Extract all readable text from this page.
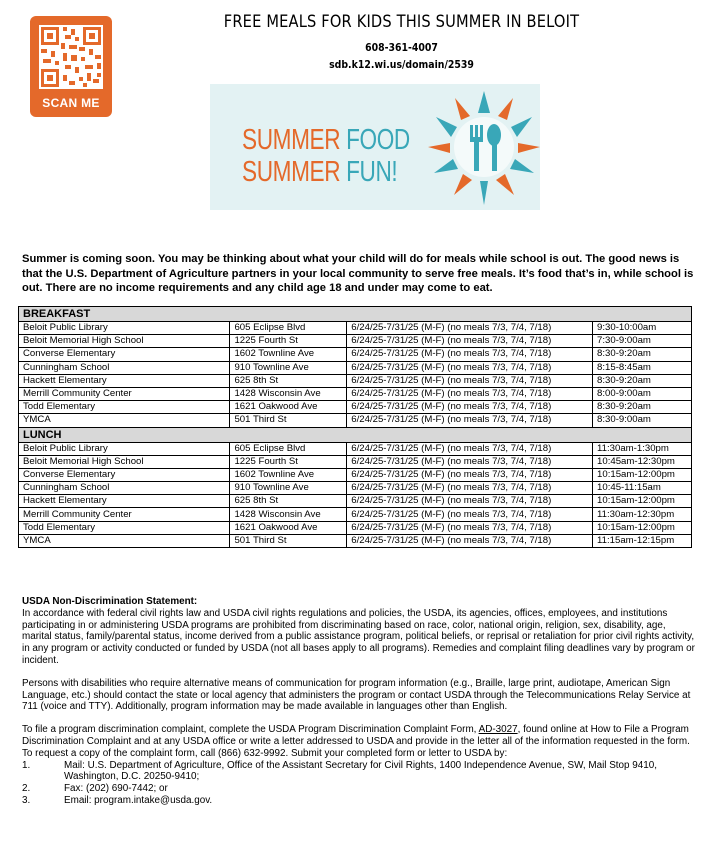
SCAN ME
FREE MEALS FOR KIDS THIS SUMMER IN BELOIT
608-361-4007
sdb.k12.wi.us/domain/2539
SUMMER FOOD
SUMMER FUN!
Summer is coming soon. You may be thinking about what your child will do for meals while school is out. The good news is that the U.S. Department of Agriculture partners in your local community to serve free meals. It’s food that’s in, while school is out. There are no income requirements and any child age 18 and under may come to eat.
BREAKFAST			
Beloit Public Library	605 Eclipse Blvd	6/24/25-7/31/25 (M-F) (no meals 7/3, 7/4, 7/18)	9:30-10:00am
Beloit Memorial High School	1225 Fourth St	6/24/25-7/31/25 (M-F) (no meals 7/3, 7/4, 7/18)	7:30-9:00am
Converse Elementary	1602 Townline Ave	6/24/25-7/31/25 (M-F) (no meals 7/3, 7/4, 7/18)	8:30-9:20am
Cunningham School	910 Townline Ave	6/24/25-7/31/25 (M-F) (no meals 7/3, 7/4, 7/18)	8:15-8:45am
Hackett Elementary	625 8th St	6/24/25-7/31/25 (M-F) (no meals 7/3, 7/4, 7/18)	8:30-9:20am
Merrill Community Center	1428 Wisconsin Ave	6/24/25-7/31/25 (M-F) (no meals 7/3, 7/4, 7/18)	8:00-9:00am
Todd Elementary	1621 Oakwood Ave	6/24/25-7/31/25 (M-F) (no meals 7/3, 7/4, 7/18)	8:30-9:20am
YMCA	501 Third St	6/24/25-7/31/25 (M-F) (no meals 7/3, 7/4, 7/18)	8:30-9:00am
LUNCH			
Beloit Public Library	605 Eclipse Blvd	6/24/25-7/31/25 (M-F) (no meals 7/3, 7/4, 7/18)	11:30am-1:30pm
Beloit Memorial High School	1225 Fourth St	6/24/25-7/31/25 (M-F) (no meals 7/3, 7/4, 7/18)	10:45am-12:30pm
Converse Elementary	1602 Townline Ave	6/24/25-7/31/25 (M-F) (no meals 7/3, 7/4, 7/18)	10:15am-12:00pm
Cunningham School	910 Townline Ave	6/24/25-7/31/25 (M-F) (no meals 7/3, 7/4, 7/18)	10:45-11:15am
Hackett Elementary	625 8th St	6/24/25-7/31/25 (M-F) (no meals 7/3, 7/4, 7/18)	10:15am-12:00pm
Merrill Community Center	1428 Wisconsin Ave	6/24/25-7/31/25 (M-F) (no meals 7/3, 7/4, 7/18)	11:30am-12:30pm
Todd Elementary	1621 Oakwood Ave	6/24/25-7/31/25 (M-F) (no meals 7/3, 7/4, 7/18)	10:15am-12:00pm
YMCA	501 Third St	6/24/25-7/31/25 (M-F) (no meals 7/3, 7/4, 7/18)	11:15am-12:15pm

USDA Non-Discrimination Statement:

In accordance with federal civil rights law and USDA civil rights regulations and policies, the USDA, its agencies, offices, employees, and institutions participating in or administering USDA programs are prohibited from discriminating based on race, color, national origin, religion, sex, disability, age, marital status, family/parental status, income derived from a public assistance program, political beliefs, or reprisal or retaliation for prior civil rights activity, in any program or activity conducted or funded by USDA (not all bases apply to all programs). Remedies and complaint filing deadlines vary by program or incident.

Persons with disabilities who require alternative means of communication for program information (e.g., Braille, large print, audiotape, American Sign Language, etc.) should contact the state or local agency that administers the program or contact USDA through the Telecommunications Relay Service at 711 (voice and TTY). Additionally, program information may be made available in languages other than English.

To file a program discrimination complaint, complete the USDA Program Discrimination Complaint Form, AD-3027, found online at How to File a Program Discrimination Complaint and at any USDA office or write a letter addressed to USDA and provide in the letter all of the information requested in the form. To request a copy of the complaint form, call (866) 632-9992. Submit your completed form or letter to USDA by:

1.	Mail: U.S. Department of Agriculture, Office of the Assistant Secretary for Civil Rights, 1400 Independence Avenue, SW, Mail Stop 9410, Washington, D.C. 20250-9410;
2.	Fax: (202) 690-7442; or
3.	Email: program.intake@usda.gov.
